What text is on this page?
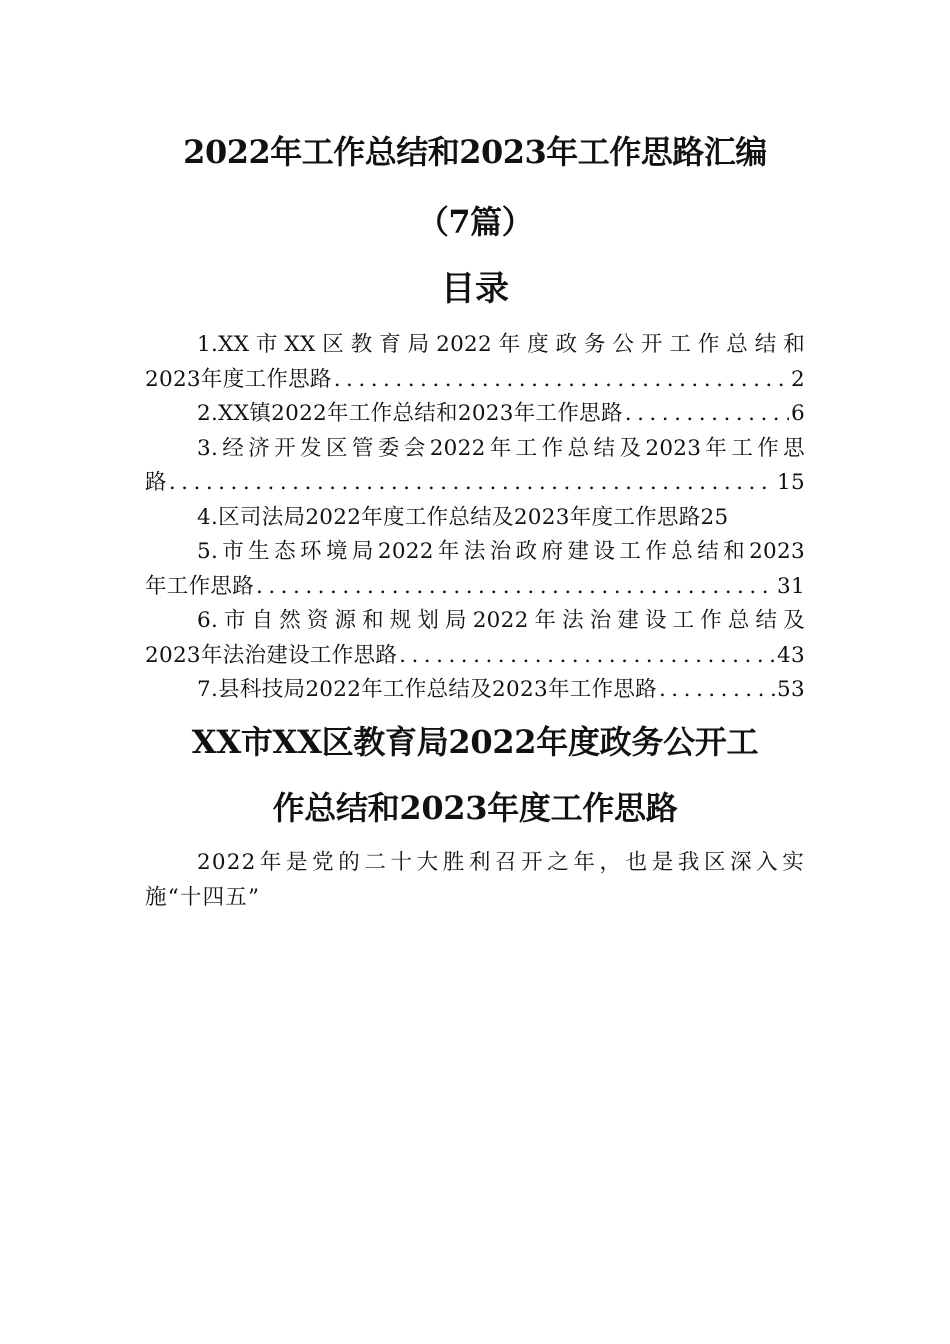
2022年工作总结和2023年工作思路汇编
（7篇）
目录
1.XX市XX区教育局2022年度政务公开工作总结和
2023年度工作思路 .....	2
2.XX镇2022年工作总结和2023年工作思路 .....	6
3.经济开发区管委会2022年工作总结及2023年工作思
路 .....	15
4.区司法局2022年度工作总结及2023年度工作思路 25
5.市生态环境局2022年法治政府建设工作总结和2023
年工作思路 .....	31
6.市自然资源和规划局2022年法治建设工作总结及
2023年法治建设工作思路 .....	43
7.县科技局2022年工作总结及2023年工作思路 .....	53
XX市XX区教育局2022年度政务公开工
作总结和2023年度工作思路
2022年是党的二十大胜利召开之年，也是我区深入实
施“十四五”
